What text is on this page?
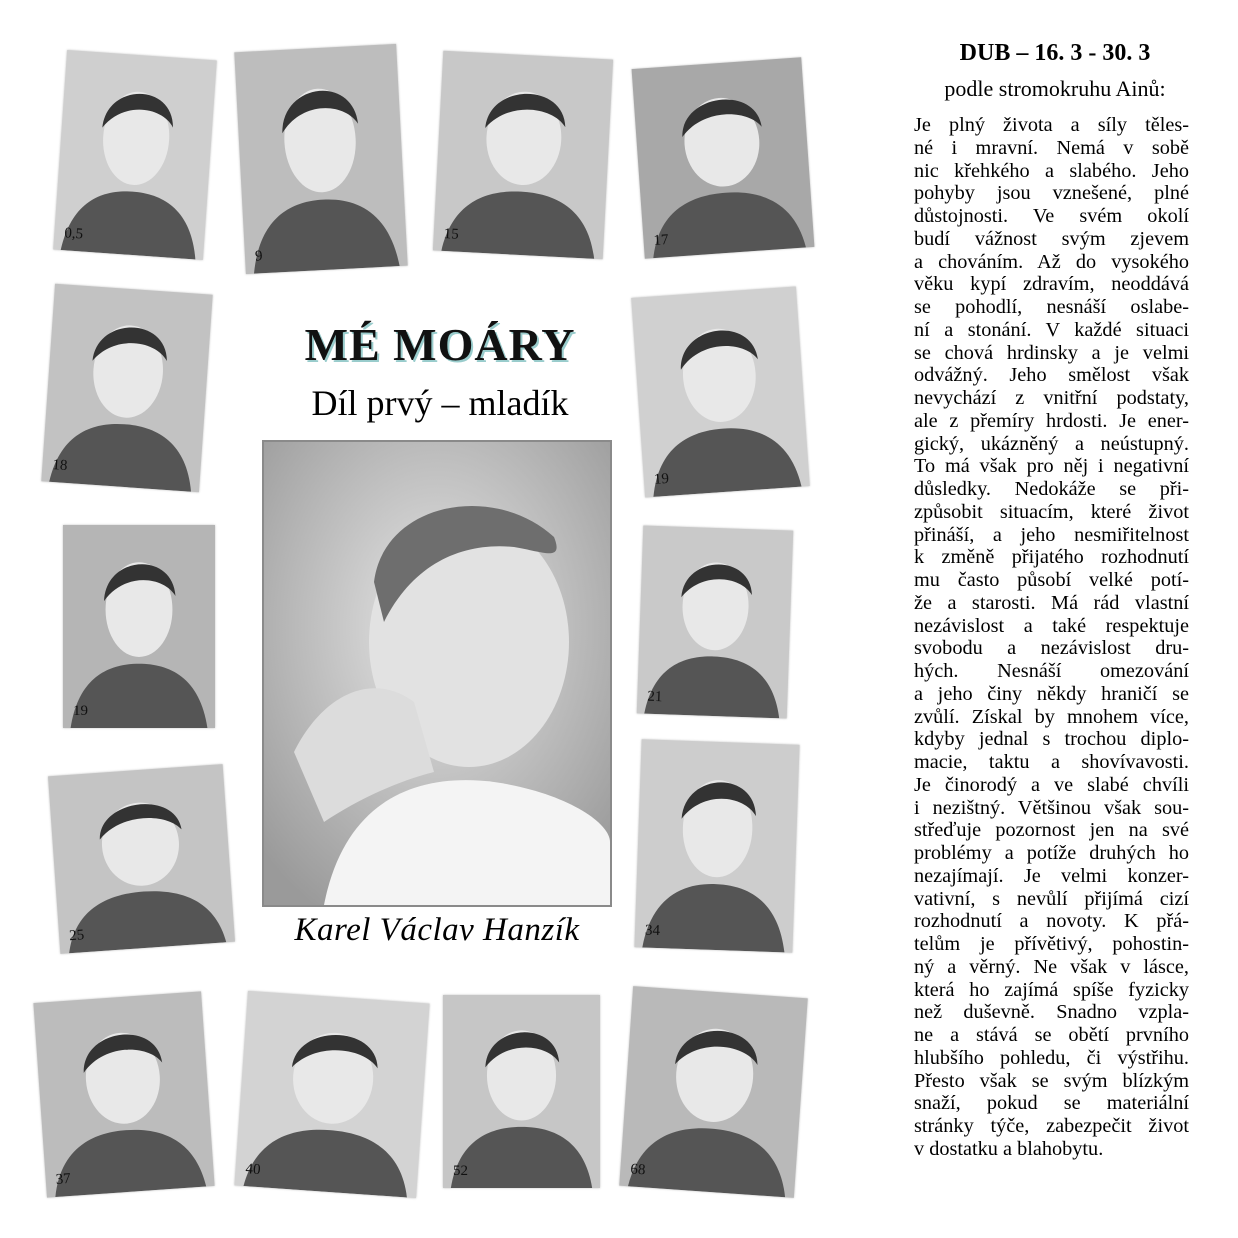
0,5
9
15	17
18
19
19
21
25	34
37
40	52	68
MÉ MOÁRY
Díl prvý – mladík
Karel Václav Hanzík
DUB – 16. 3 - 30. 3
podle stromokruhu Ainů:
Je plný života a síly těles-
né i mravní. Nemá v sobě
nic křehkého a slabého. Jeho
pohyby jsou vznešené, plné
důstojnosti. Ve svém okolí
budí vážnost svým zjevem
a chováním. Až do vysokého
věku kypí zdravím, neoddává
se pohodlí, nesnáší oslabe-
ní a stonání. V každé situaci
se chová hrdinsky a je velmi
odvážný. Jeho smělost však
nevychází z vnitřní podstaty,
ale z přemíry hrdosti. Je ener-
gický, ukázněný a neústupný.
To má však pro něj i negativní
důsledky. Nedokáže se při-
způsobit situacím, které život
přináší, a jeho nesmiřitelnost
k změně přijatého rozhodnutí
mu často působí velké potí-
že a starosti. Má rád vlastní
nezávislost a také respektuje
svobodu a nezávislost dru-
hých. Nesnáší omezování
a jeho činy někdy hraničí se
zvůlí. Získal by mnohem více,
kdyby jednal s trochou diplo-
macie, taktu a shovívavosti.
Je činorodý a ve slabé chvíli
i nezištný. Většinou však sou-
střeďuje pozornost jen na své
problémy a potíže druhých ho
nezajímají. Je velmi konzer-
vativní, s nevůlí přijímá cizí
rozhodnutí a novoty. K přá-
telům je přívětivý, pohostin-
ný a věrný. Ne však v lásce,
která ho zajímá spíše fyzicky
než duševně. Snadno vzpla-
ne a stává se obětí prvního
hlubšího pohledu, či výstřihu.
Přesto však se svým blízkým
snaží, pokud se materiální
stránky týče, zabezpečit život
v dostatku a blahobytu.
